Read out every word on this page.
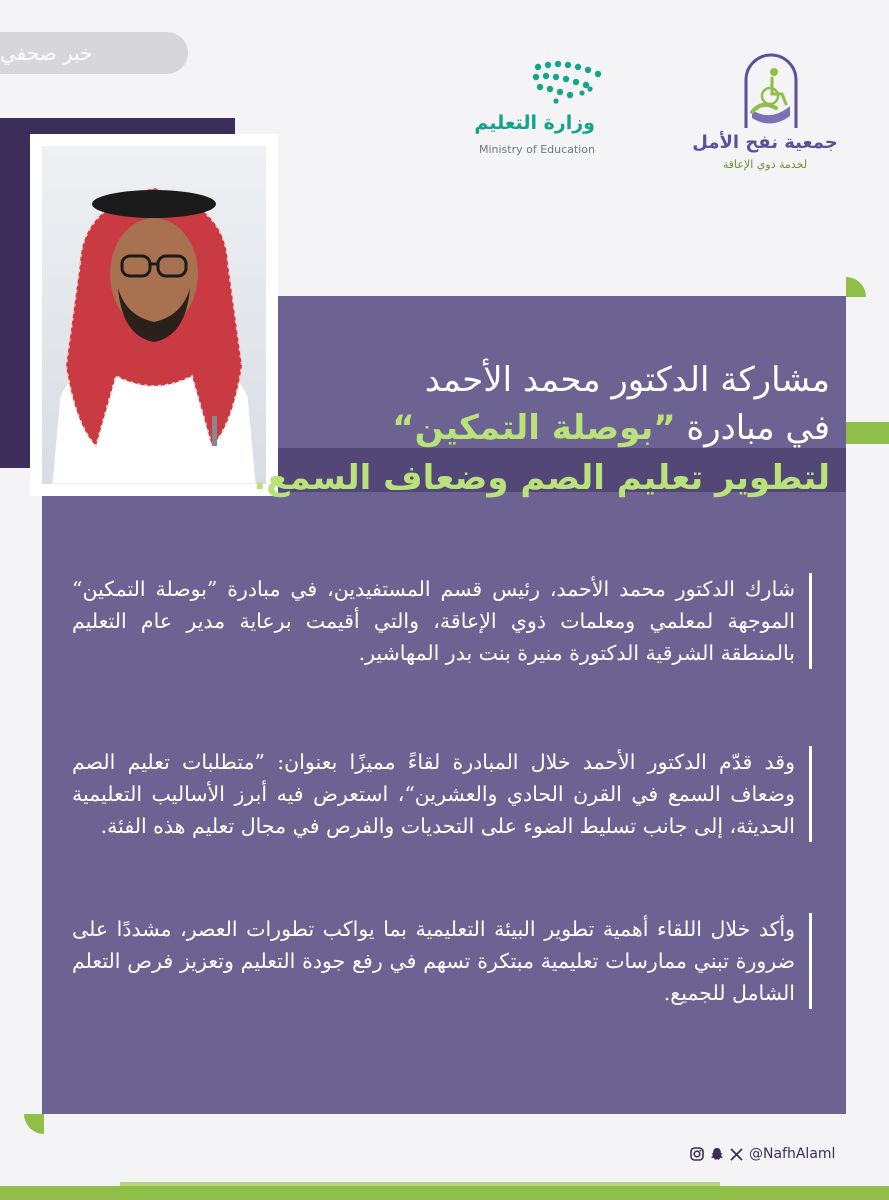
خبر صحفي
وزارة التعليم
Ministry of Education	جمعية نفح الأمل
لخدمة ذوي الإعاقة
مشاركة الدكتور محمد الأحمد
في مبادرة ”بوصلة التمكين“
لتطوير تعليم الصم وضعاف السمع.

شارك الدكتور محمد الأحمد، رئيس قسم المستفيدين، في مبادرة ”بوصلة التمكين“ الموجهة لمعلمي ومعلمات ذوي الإعاقة، والتي أقيمت برعاية مدير عام التعليم بالمنطقة الشرقية الدكتورة منيرة بنت بدر المهاشير.

وقد قدّم الدكتور الأحمد خلال المبادرة لقاءً مميزًا بعنوان: ”متطلبات تعليم الصم وضعاف السمع في القرن الحادي والعشرين“، استعرض فيه أبرز الأساليب التعليمية الحديثة، إلى جانب تسليط الضوء على التحديات والفرص في مجال تعليم هذه الفئة.

وأكد خلال اللقاء أهمية تطوير البيئة التعليمية بما يواكب تطورات العصر، مشددًا على ضرورة تبني ممارسات تعليمية مبتكرة تسهم في رفع جودة التعليم وتعزيز فرص التعلم الشامل للجميع.

@NafhAlaml
